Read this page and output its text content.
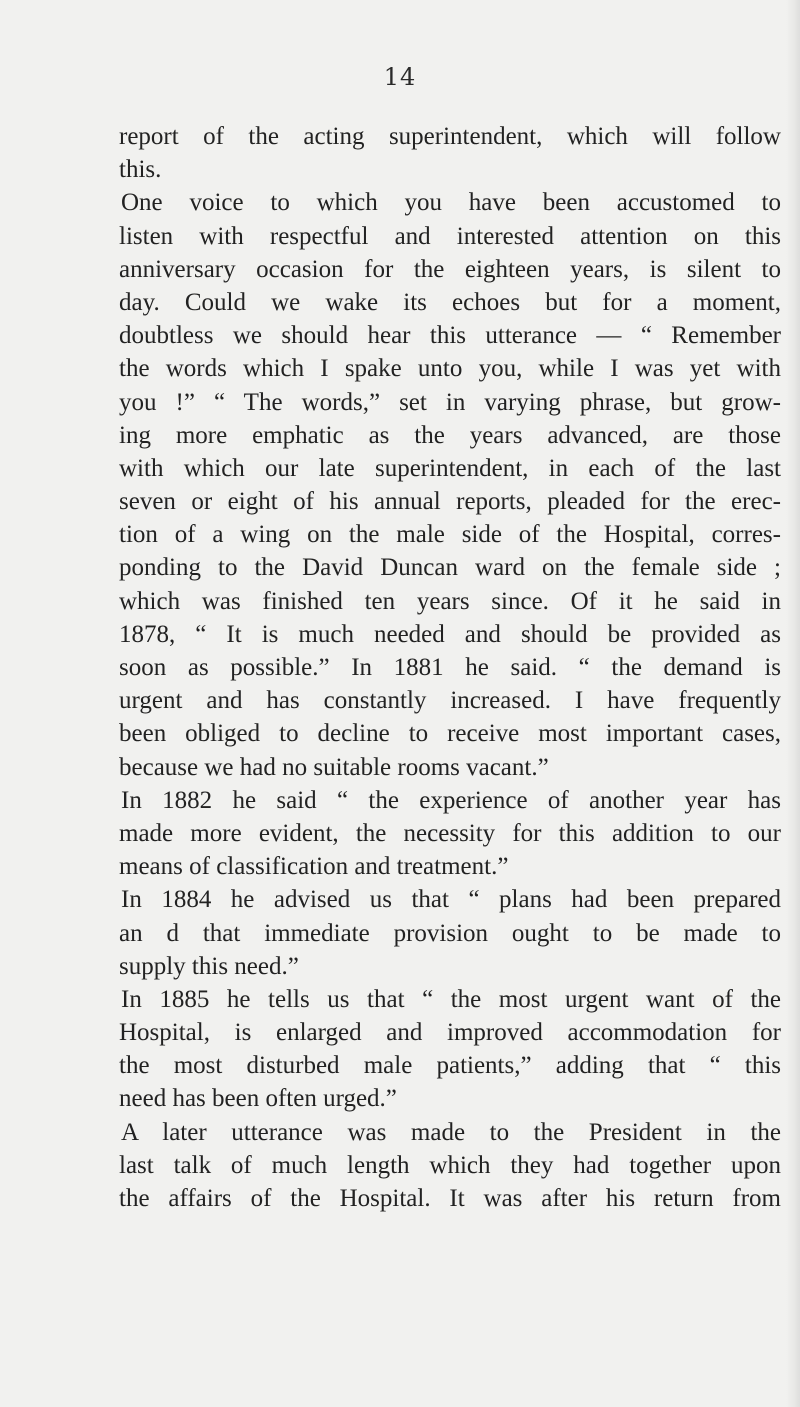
14
report of the acting superintendent, which will follow
this.
One voice to which you have been accustomed to
listen with respectful and interested attention on this
anniversary occasion for the eighteen years, is silent to
day. Could we wake its echoes but for a moment,
doubtless we should hear this utterance — “ Remember
the words which I spake unto you, while I was yet with
you !” “ The words,” set in varying phrase, but grow-
ing more emphatic as the years advanced, are those
with which our late superintendent, in each of the last
seven or eight of his annual reports, pleaded for the erec-
tion of a wing on the male side of the Hospital, corres-
ponding to the David Duncan ward on the female side ;
which was finished ten years since. Of it he said in
1878, “ It is much needed and should be provided as
soon as possible.” In 1881 he said. “ the demand is
urgent and has constantly increased. I have frequently
been obliged to decline to receive most important cases,
because we had no suitable rooms vacant.”
In 1882 he said “ the experience of another year has
made more evident, the necessity for this addition to our
means of classification and treatment.”
In 1884 he advised us that “ plans had been prepared
an d that immediate provision ought to be made to
supply this need.”
In 1885 he tells us that “ the most urgent want of the
Hospital, is enlarged and improved accommodation for
the most disturbed male patients,” adding that “ this
need has been often urged.”
A later utterance was made to the President in the
last talk of much length which they had together upon
the affairs of the Hospital. It was after his return from
